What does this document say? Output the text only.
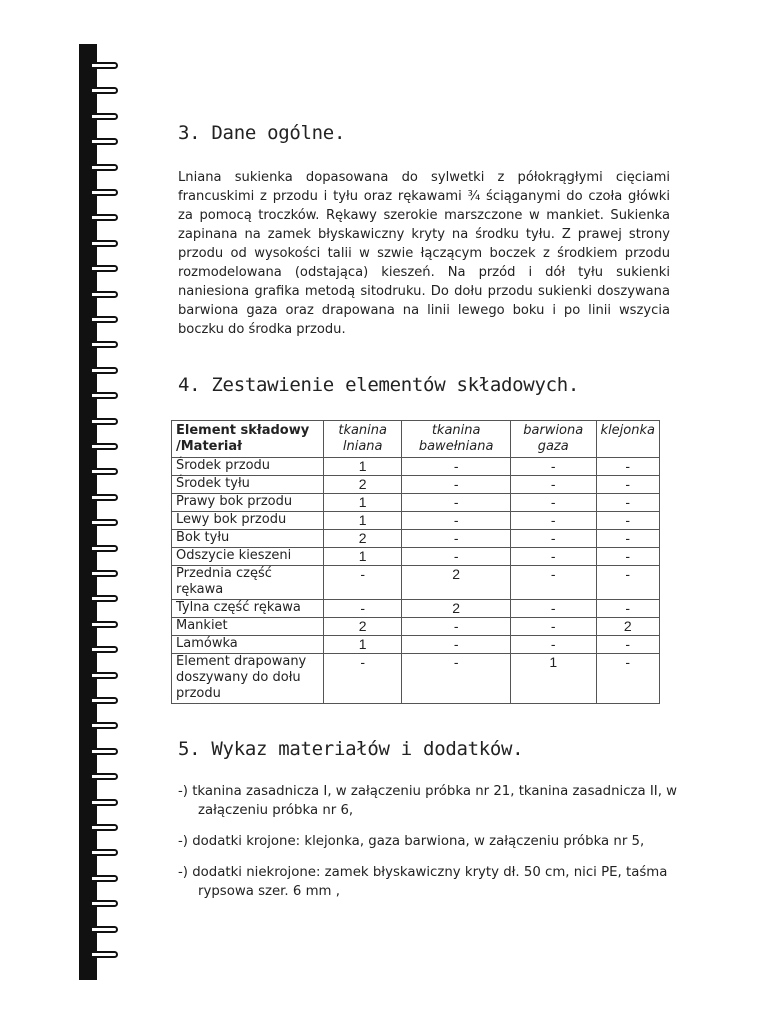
3. Dane ogólne.

Lniana sukienka dopasowana do sylwetki z półokrągłymi cięciami francuskimi z przodu i tyłu oraz rękawami ¾ ściąganymi do czoła główki za pomocą troczków. Rękawy szerokie marszczone w mankiet. Sukienka zapinana na zamek błyskawiczny kryty na środku tyłu. Z prawej strony przodu od wysokości talii w szwie łączącym boczek z środkiem przodu rozmodelowana (odstająca) kieszeń. Na przód i dół tyłu sukienki naniesiona grafika metodą sitodruku. Do dołu przodu sukienki doszywana barwiona gaza oraz drapowana na linii lewego boku i po linii wszycia boczku do środka przodu.

4. Zestawienie elementów składowych.
Element składowy /Materiał	tkanina lniana	tkanina bawełniana	barwiona gaza	klejonka
Środek przodu	1	-	-	-
Środek tyłu	2	-	-	-
Prawy bok przodu	1	-	-	-
Lewy bok przodu	1	-	-	-
Bok tyłu	2	-	-	-
Odszycie kieszeni	1	-	-	-
Przednia część rękawa	-	2	-	-
Tylna część rękawa	-	2	-	-
Mankiet	2	-	-	2
Lamówka	1	-	-	-
Element drapowany doszywany do dołu przodu	-	-	1	-
5. Wykaz materiałów i dodatków.
-) tkanina zasadnicza I, w załączeniu próbka nr 21, tkanina zasadnicza II, w załączeniu próbka nr 6,
-) dodatki krojone: klejonka, gaza barwiona, w załączeniu próbka nr 5,
-) dodatki niekrojone: zamek błyskawiczny kryty dł. 50 cm, nici PE, taśma rypsowa szer. 6 mm ,
